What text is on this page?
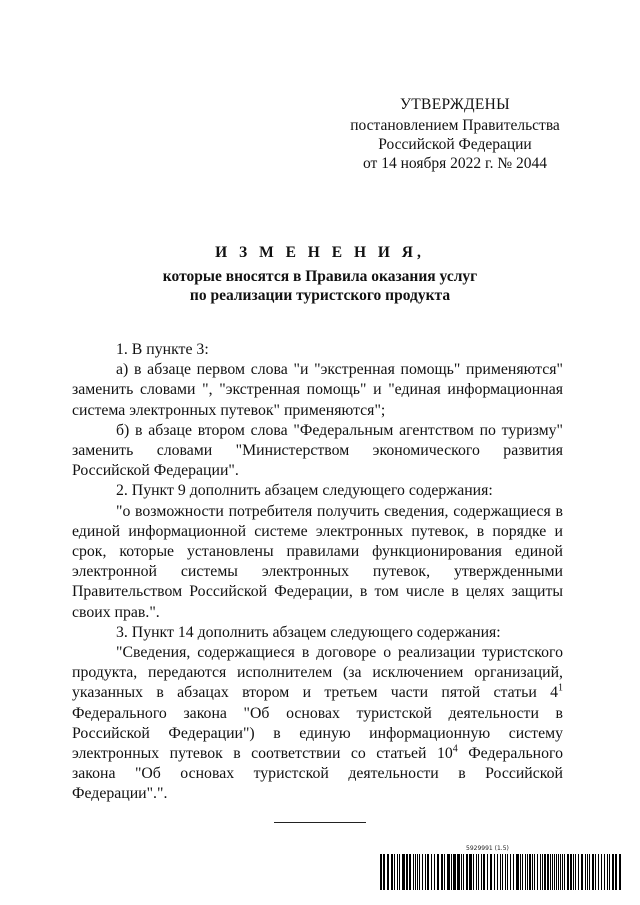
УТВЕРЖДЕНЫ
постановлением Правительства
Российской Федерации
от 14 ноября 2022 г. № 2044
И З М Е Н Е Н И Я,
которые вносятся в Правила оказания услуг
по реализации туристского продукта

1. В пункте 3:

а) в абзаце первом слова "и "экстренная помощь" применяются" заменить словами ", "экстренная помощь" и "единая информационная система электронных путевок" применяются";

б) в абзаце втором слова "Федеральным агентством по туризму" заменить словами "Министерством экономического развития Российской Федерации".

2. Пункт 9 дополнить абзацем следующего содержания:

"о возможности потребителя получить сведения, содержащиеся в единой информационной системе электронных путевок, в порядке и срок, которые установлены правилами функционирования единой электронной системы электронных путевок, утвержденными Правительством Российской Федерации, в том числе в целях защиты своих прав.".

3. Пункт 14 дополнить абзацем следующего содержания:

"Сведения, содержащиеся в договоре о реализации туристского продукта, передаются исполнителем (за исключением организаций, указанных в абзацах втором и третьем части пятой статьи $4^1$ Федерального закона "Об основах туристской деятельности в Российской Федерации") в единую информационную систему электронных путевок в соответствии со статьей $10^4$ Федерального закона "Об основах туристской деятельности в Российской Федерации".".

5929991 (1.5)
